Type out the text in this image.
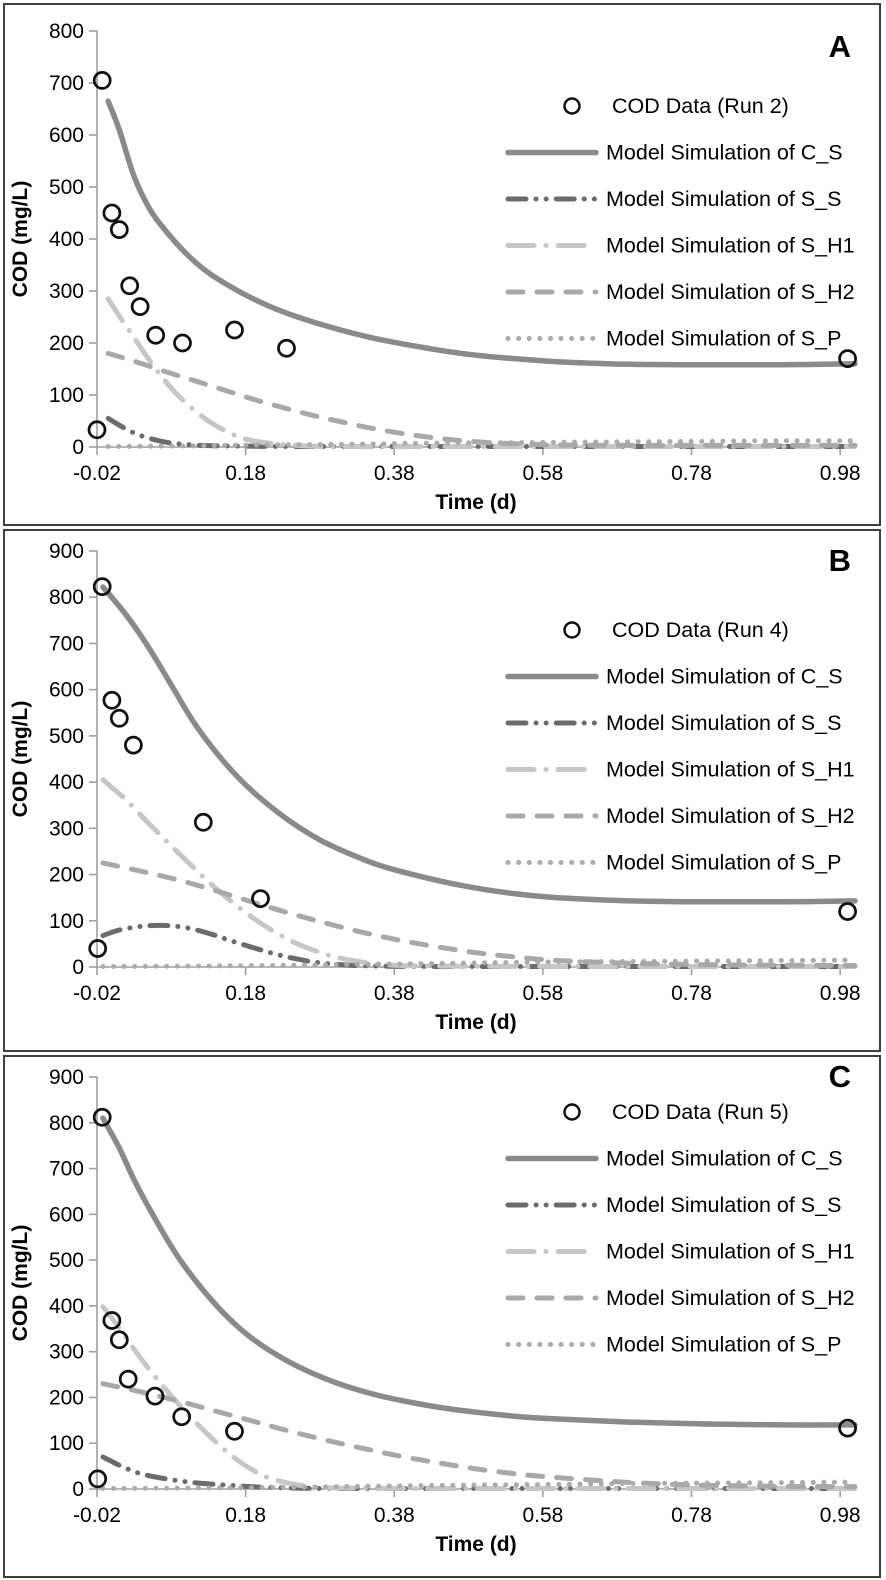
0
100
200
300
400
500
600
700
800
-0.02	0.18	0.38	0.58	0.78	0.98
Time (d)
COD (mg/L)
COD Data (Run 2)
Model Simulation of C_S
Model Simulation of S_S
Model Simulation of S_H1
Model Simulation of S_H2
Model Simulation of S_P
A
0
100
200
300
400
500
600
700
800
900
-0.02	0.18	0.38	0.58	0.78	0.98
Time (d)
COD (mg/L)
COD Data (Run 4)
Model Simulation of C_S
Model Simulation of S_S
Model Simulation of S_H1
Model Simulation of S_H2
Model Simulation of S_P
B
0
100
200
300
400
500
600
700
800
900
-0.02	0.18	0.38	0.58	0.78	0.98
Time (d)
COD (mg/L)
COD Data (Run 5)
Model Simulation of C_S
Model Simulation of S_S
Model Simulation of S_H1
Model Simulation of S_H2
Model Simulation of S_P
C
